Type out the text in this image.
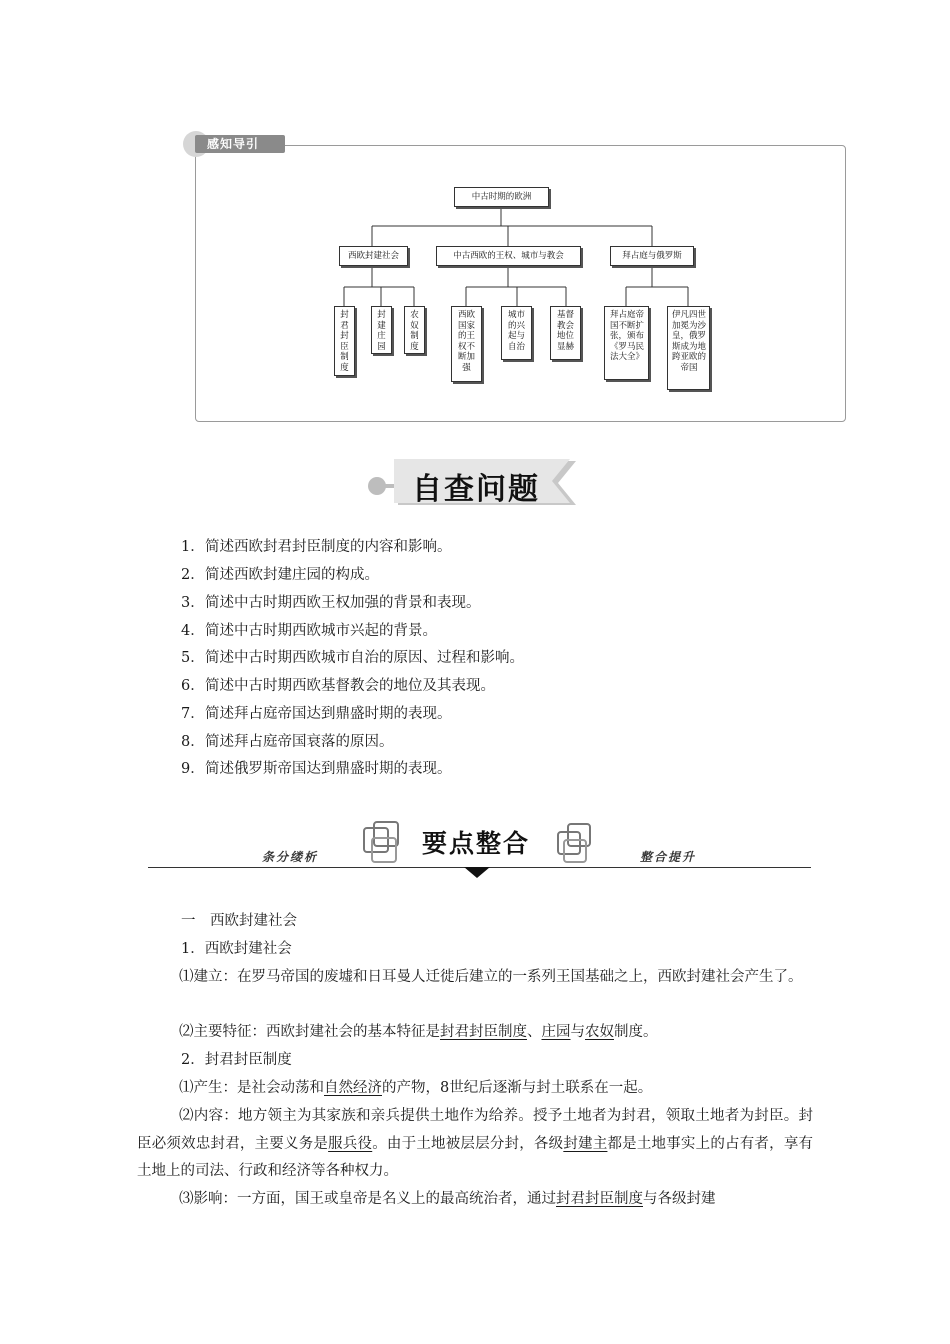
感知导引
中古时期的欧洲
西欧封建社会	中古西欧的王权、城市与教会	拜占庭与俄罗斯
封君封臣制度
封建庄园
农奴制度
西欧国家的王权不断加强
城市的兴起与自治
基督教会地位显赫
拜占庭帝国不断扩张，颁布《罗马民法大全》
伊凡四世加冕为沙皇，俄罗斯成为地跨亚欧的帝国
自查问题
1．简述西欧封君封臣制度的内容和影响。
2．简述西欧封建庄园的构成。
3．简述中古时期西欧王权加强的背景和表现。
4．简述中古时期西欧城市兴起的背景。
5．简述中古时期西欧城市自治的原因、过程和影响。
6．简述中古时期西欧基督教会的地位及其表现。
7．简述拜占庭帝国达到鼎盛时期的表现。
8．简述拜占庭帝国衰落的原因。
9．简述俄罗斯帝国达到鼎盛时期的表现。
要点整合
条分缕析	整合提升
一　西欧封建社会
1．西欧封建社会
⑴建立：在罗马帝国的废墟和日耳曼人迁徙后建立的一系列王国基础之上，西欧封建社会产生了。
⑵主要特征：西欧封建社会的基本特征是封君封臣制度、庄园与农奴制度。
2．封君封臣制度
⑴产生：是社会动荡和自然经济的产物，8世纪后逐渐与封土联系在一起。
⑵内容：地方领主为其家族和亲兵提供土地作为给养。授予土地者为封君，领取土地者为封臣。封臣必须效忠封君，主要义务是服兵役。由于土地被层层分封，各级封建主都是土地事实上的占有者，享有土地上的司法、行政和经济等各种权力。
⑶影响：一方面，国王或皇帝是名义上的最高统治者，通过封君封臣制度与各级封建
